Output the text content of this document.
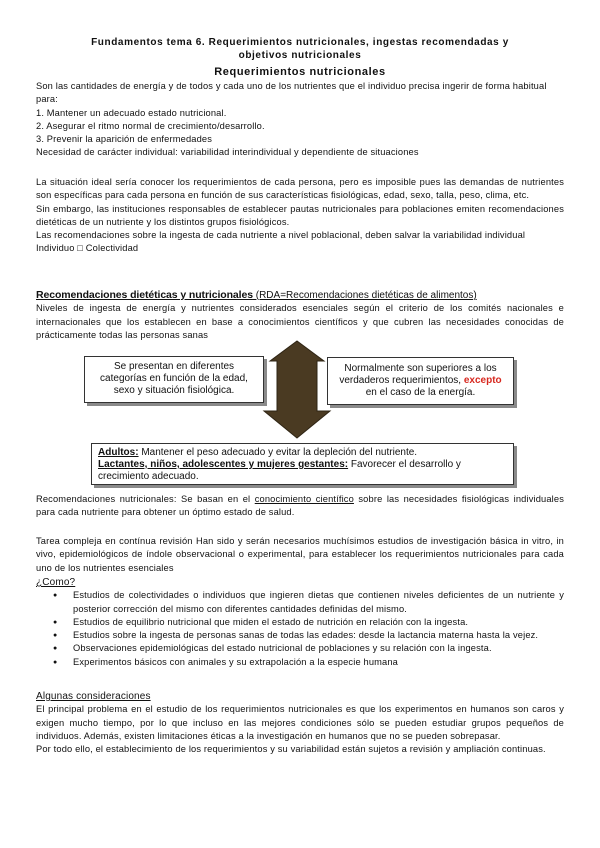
Fundamentos tema 6. Requerimientos nutricionales, ingestas recomendadas y
objetivos nutricionales
Requerimientos nutricionales

Son las cantidades de energía y de todos y cada uno de los nutrientes que el individuo precisa ingerir de forma habitual para:

1. Mantener un adecuado estado nutricional.

2. Asegurar el ritmo normal de crecimiento/desarrollo.

3. Prevenir la aparición de enfermedades

Necesidad de carácter individual: variabilidad interindividual y dependiente de situaciones

La situación ideal sería conocer los requerimientos de cada persona, pero es imposible pues las demandas de nutrientes son específicas para cada persona en función de sus características fisiológicas, edad, sexo, talla, peso, clima, etc.

Sin embargo, las instituciones responsables de establecer pautas nutricionales para poblaciones emiten recomendaciones dietéticas de un nutriente y los distintos grupos fisiológicos.

Las recomendaciones sobre la ingesta de cada nutriente a nivel poblacional, deben salvar la variabilidad individual

Individuo □ Colectividad

Recomendaciones dietéticas y nutricionales (RDA=Recomendaciones dietéticas de alimentos)

Niveles de ingesta de energía y nutrientes considerados esenciales según el criterio de los comités nacionales e internacionales que los establecen en base a conocimientos científicos y que cubren las necesidades conocidas de prácticamente todas las personas sanas

Se presentan en diferentes categorías en función de la edad, sexo y situación fisiológica.
Normalmente son superiores a los verdaderos requerimientos, excepto en el caso de la energía.
Adultos: Mantener el peso adecuado y evitar la depleción del nutriente.
Lactantes, niños, adolescentes y mujeres gestantes: Favorecer el desarrollo y crecimiento adecuado.

Recomendaciones nutricionales: Se basan en el conocimiento científico sobre las necesidades fisiológicas individuales para cada nutriente para obtener un óptimo estado de salud.

Tarea compleja en contínua revisión Han sido y serán necesarios muchísimos estudios de investigación básica in vitro, in vivo, epidemiológicos de índole observacional o experimental, para establecer los requerimientos nutricionales para cada uno de los nutrientes esenciales

¿Como?

● Estudios de colectividades o individuos que ingieren dietas que contienen niveles deficientes de un nutriente y posterior corrección del mismo con diferentes cantidades definidas del mismo.
● Estudios de equilibrio nutricional que miden el estado de nutrición en relación con la ingesta.
● Estudios sobre la ingesta de personas sanas de todas las edades: desde la lactancia materna hasta la vejez.
● Observaciones epidemiológicas del estado nutricional de poblaciones y su relación con la ingesta.
● Experimentos básicos con animales y su extrapolación a la especie humana

Algunas consideraciones

El principal problema en el estudio de los requerimientos nutricionales es que los experimentos en humanos son caros y exigen mucho tiempo, por lo que incluso en las mejores condiciones sólo se pueden estudiar grupos pequeños de individuos. Además, existen limitaciones éticas a la investigación en humanos que no se pueden sobrepasar.

Por todo ello, el establecimiento de los requerimientos y su variabilidad están sujetos a revisión y ampliación continuas.
